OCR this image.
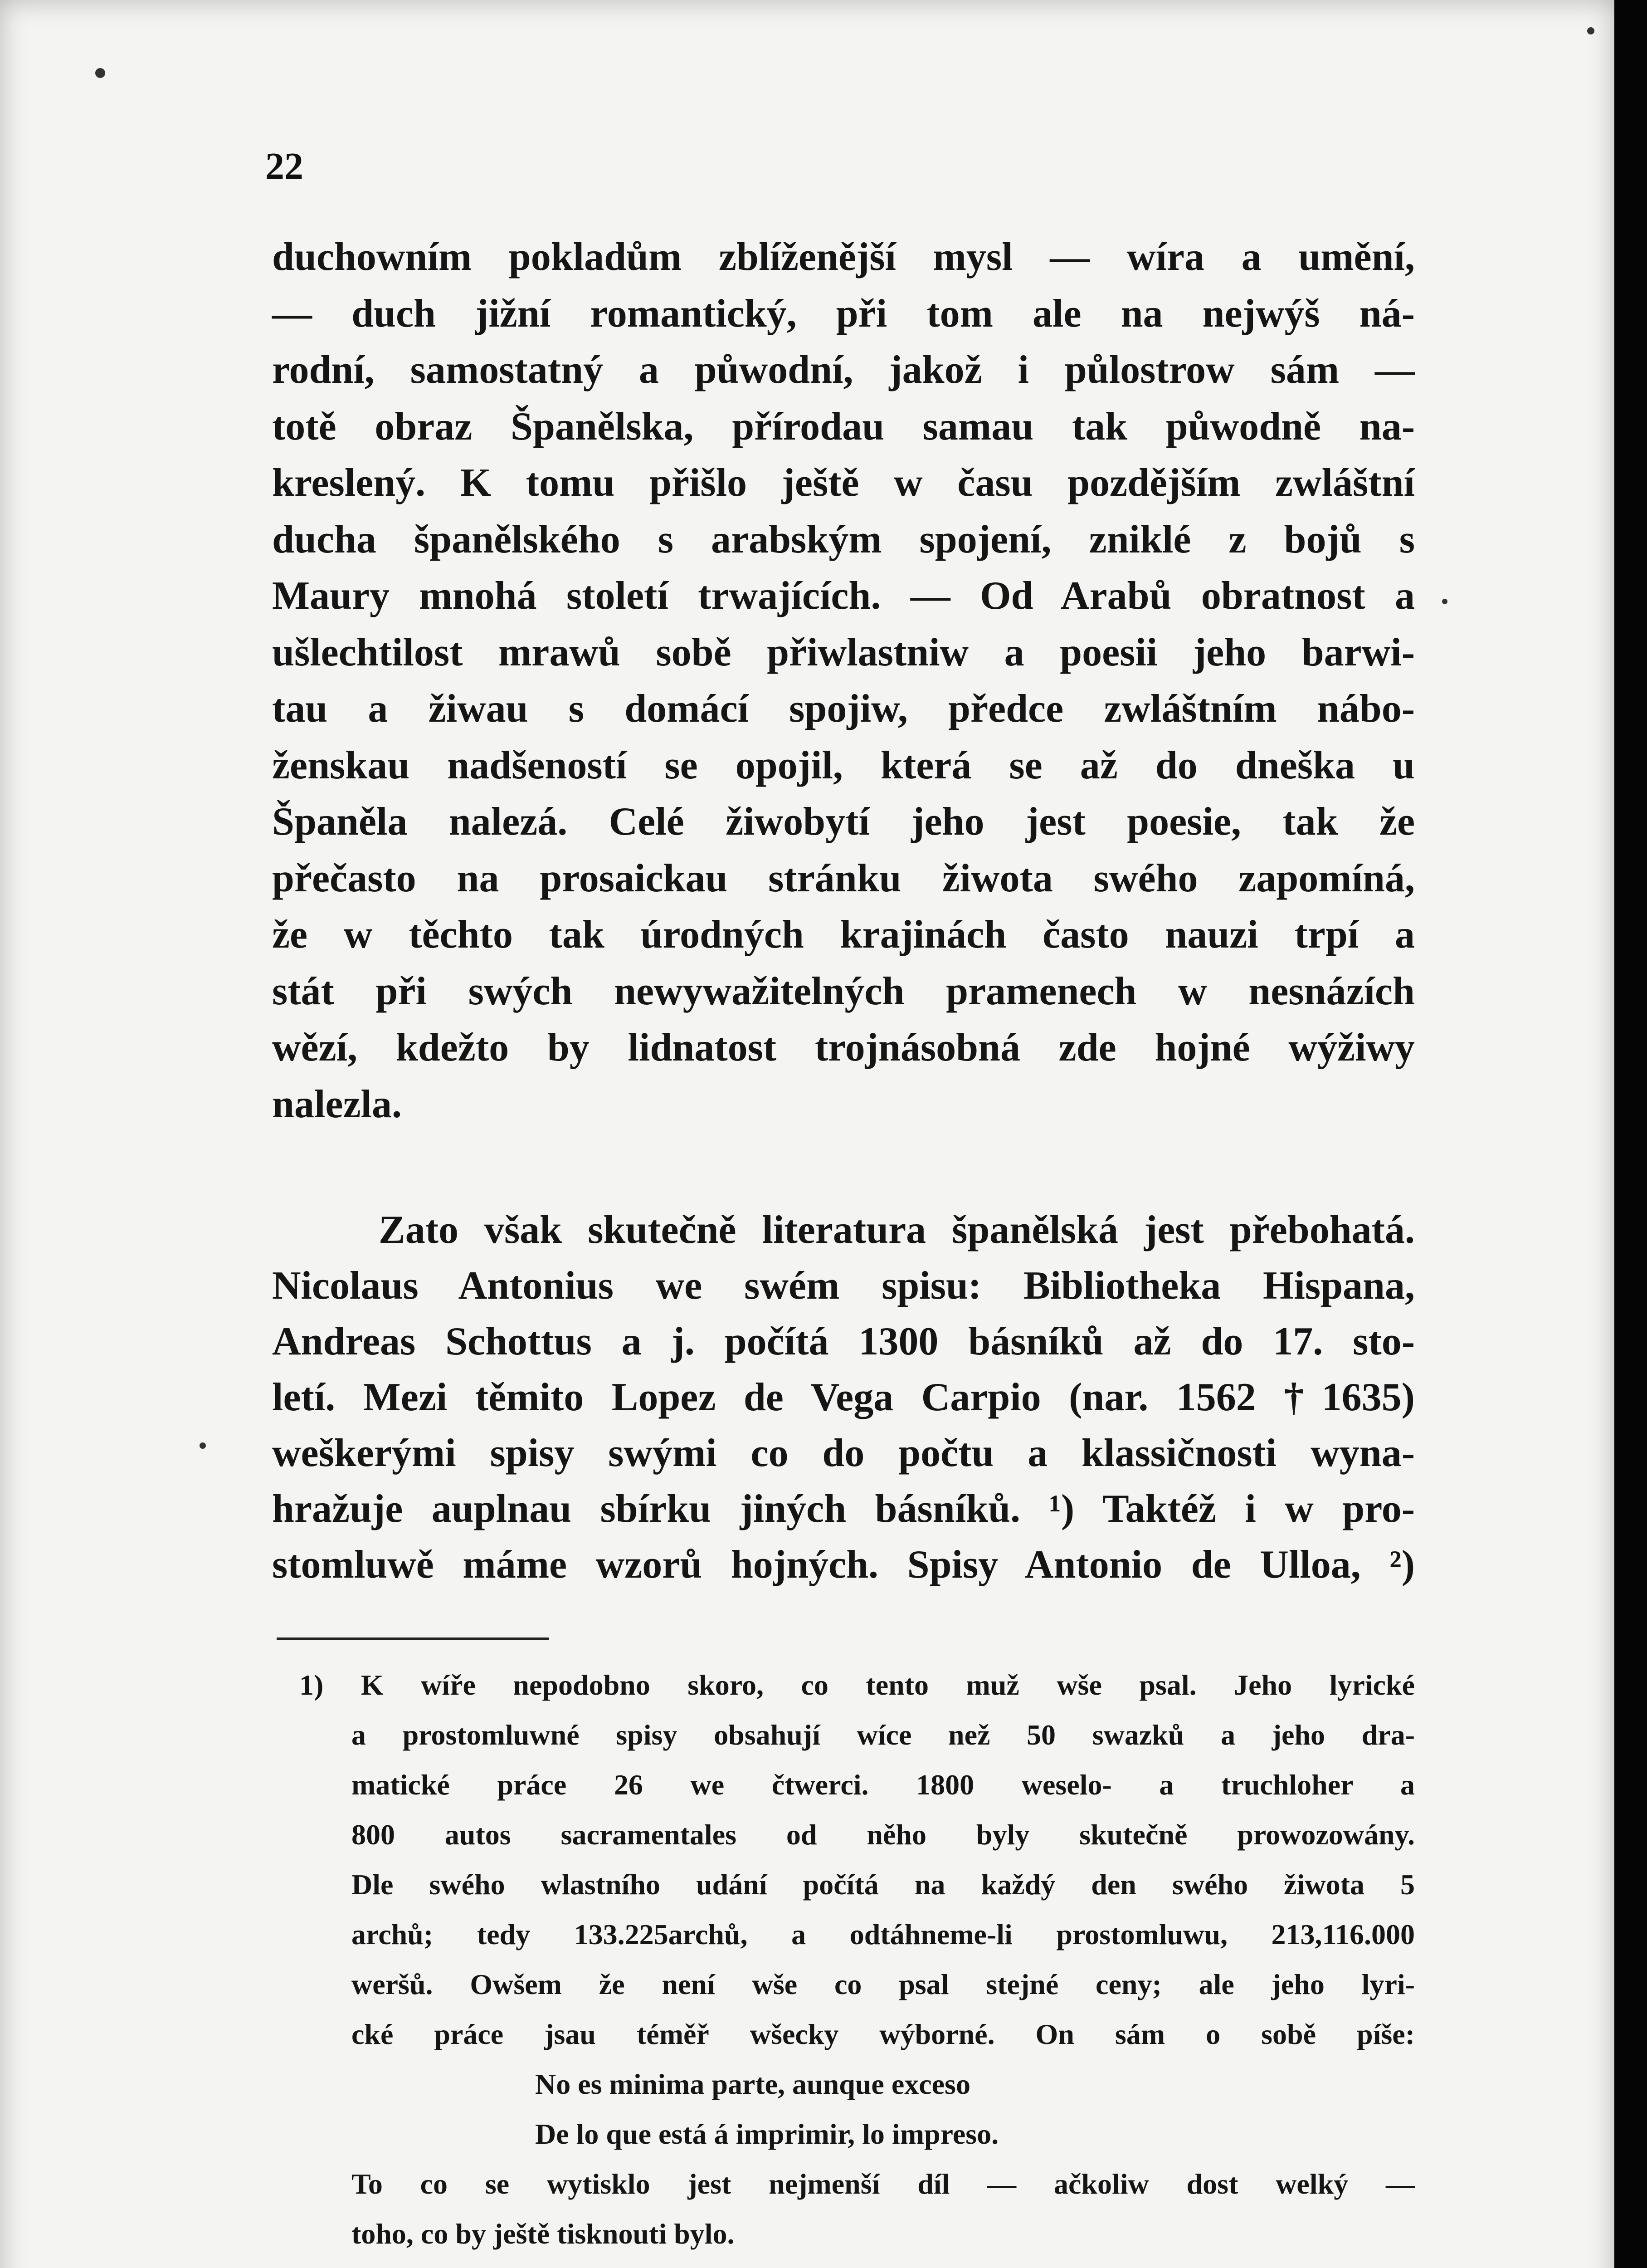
22
duchowním pokladům zblíženější mysl — wíra a umění,
— duch jižní romantický, při tom ale na nejwýš ná-
rodní, samostatný a půwodní, jakož i půlostrow sám —
totě obraz Španělska, přírodau samau tak půwodně na-
kreslený. K tomu přišlo ještě w času pozdějším zwláštní
ducha španělského s arabským spojení, zniklé z bojů s
Maury mnohá století trwajících. — Od Arabů obratnost a
ušlechtilost mrawů sobě přiwlastniw a poesii jeho barwi-
tau a žiwau s domácí spojiw, předce zwláštním nábo-
ženskau nadšeností se opojil, která se až do dneška u
Španěla nalezá. Celé žiwobytí jeho jest poesie, tak že
přečasto na prosaickau stránku žiwota swého zapomíná,
že w těchto tak úrodných krajinách často nauzi trpí a
stát při swých newywažitelných pramenech w nesnázích
wězí, kdežto by lidnatost trojnásobná zde hojné wýžiwy
nalezla.
Zato však skutečně literatura španělská jest přebohatá.
Nicolaus Antonius we swém spisu: Bibliotheka Hispana,
Andreas Schottus a j. počítá 1300 básníků až do 17. sto-
letí. Mezi těmito Lopez de Vega Carpio (nar. 1562 †1635)
weškerými spisy swými co do počtu a klassičnosti wyna-
hražuje auplnau sbírku jiných básníků. ¹) Taktéž i w pro-
stomluwě máme wzorů hojných. Spisy Antonio de Ulloa, ²)
1) K wíře nepodobno skoro, co tento muž wše psal. Jeho lyrické
a prostomluwné spisy obsahují wíce než 50 swazků a jeho dra-
matické práce 26 we čtwerci. 1800 weselo- a truchloher a
800 autos sacramentales od něho byly skutečně prowozowány.
Dle swého wlastního udání počítá na každý den swého žiwota 5
archů; tedy 133.225archů, a odtáhneme-li prostomluwu, 213,116.000
weršů. Owšem že není wše co psal stejné ceny; ale jeho lyri-
cké práce jsau téměř wšecky wýborné. On sám o sobě píše:
No es minima parte, aunque exceso
De lo que está á imprimir, lo impreso.
To co se wytisklo jest nejmenší díl — ačkoliw dost welký —
toho, co by ještě tisknouti bylo.
